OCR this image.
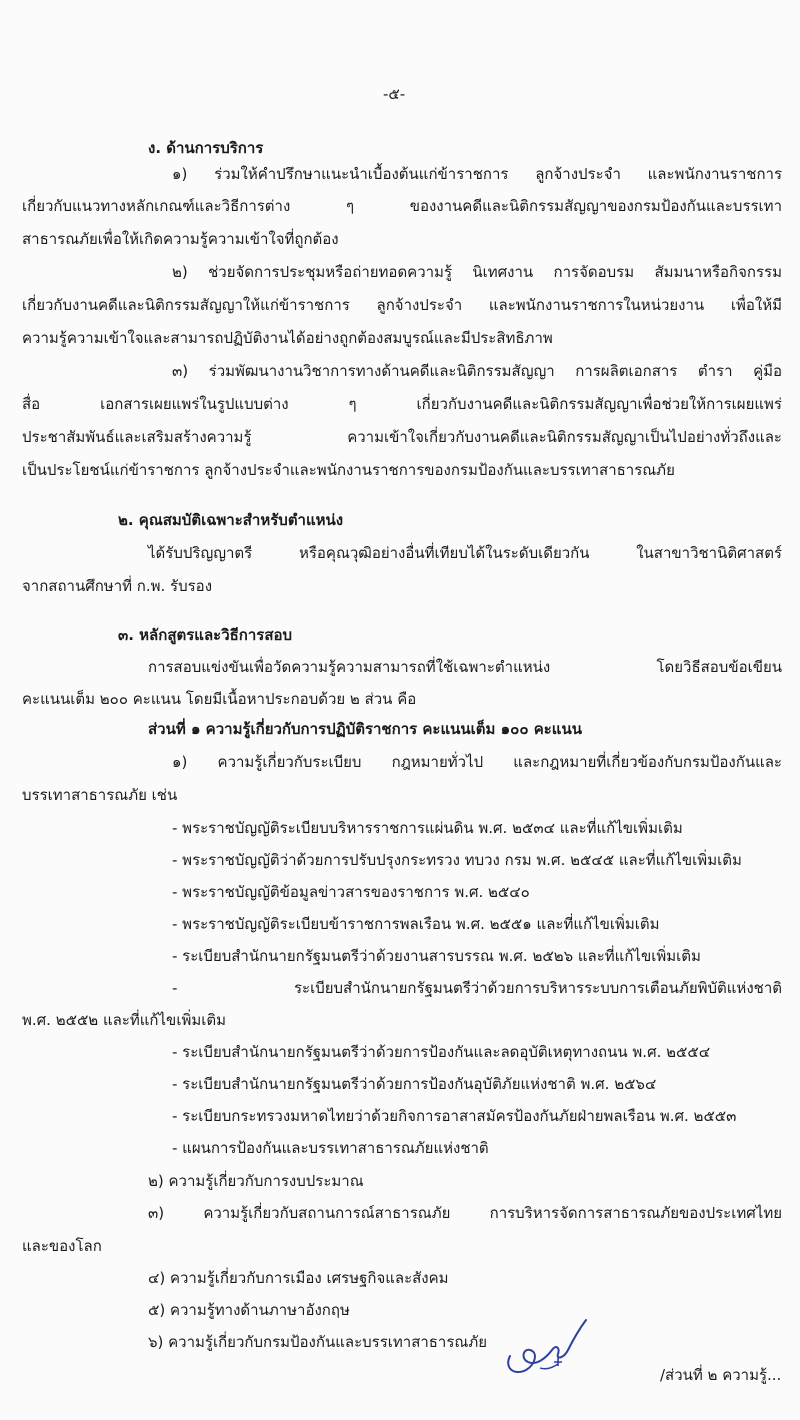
-๕-
ง. ด้านการบริการ
๑) ร่วมให้คำปรึกษาแนะนำเบื้องต้นแก่ข้าราชการ ลูกจ้างประจำ และพนักงานราชการ
เกี่ยวกับแนวทางหลักเกณฑ์และวิธีการต่าง ๆ ของงานคดีและนิติกรรมสัญญาของกรมป้องกันและบรรเทา
สาธารณภัยเพื่อให้เกิดความรู้ความเข้าใจที่ถูกต้อง
๒) ช่วยจัดการประชุมหรือถ่ายทอดความรู้ นิเทศงาน การจัดอบรม สัมมนาหรือกิจกรรม
เกี่ยวกับงานคดีและนิติกรรมสัญญาให้แก่ข้าราชการ ลูกจ้างประจำ และพนักงานราชการในหน่วยงาน เพื่อให้มี
ความรู้ความเข้าใจและสามารถปฏิบัติงานได้อย่างถูกต้องสมบูรณ์และมีประสิทธิภาพ
๓) ร่วมพัฒนางานวิชาการทางด้านคดีและนิติกรรมสัญญา การผลิตเอกสาร ตำรา คู่มือ
สื่อ เอกสารเผยแพร่ในรูปแบบต่าง ๆ เกี่ยวกับงานคดีและนิติกรรมสัญญาเพื่อช่วยให้การเผยแพร่
ประชาสัมพันธ์และเสริมสร้างความรู้ ความเข้าใจเกี่ยวกับงานคดีและนิติกรรมสัญญาเป็นไปอย่างทั่วถึงและ
เป็นประโยชน์แก่ข้าราชการ ลูกจ้างประจำและพนักงานราชการของกรมป้องกันและบรรเทาสาธารณภัย
๒. คุณสมบัติเฉพาะสำหรับตำแหน่ง
ได้รับปริญญาตรี หรือคุณวุฒิอย่างอื่นที่เทียบได้ในระดับเดียวกัน ในสาขาวิชานิติศาสตร์
จากสถานศึกษาที่ ก.พ. รับรอง
๓. หลักสูตรและวิธีการสอบ
การสอบแข่งขันเพื่อวัดความรู้ความสามารถที่ใช้เฉพาะตำแหน่ง โดยวิธีสอบข้อเขียน
คะแนนเต็ม ๒๐๐ คะแนน โดยมีเนื้อหาประกอบด้วย ๒ ส่วน คือ
ส่วนที่ ๑ ความรู้เกี่ยวกับการปฏิบัติราชการ คะแนนเต็ม ๑๐๐ คะแนน
๑) ความรู้เกี่ยวกับระเบียบ กฎหมายทั่วไป และกฎหมายที่เกี่ยวข้องกับกรมป้องกันและ
บรรเทาสาธารณภัย เช่น
- พระราชบัญญัติระเบียบบริหารราชการแผ่นดิน พ.ศ. ๒๕๓๔ และที่แก้ไขเพิ่มเติม
- พระราชบัญญัติว่าด้วยการปรับปรุงกระทรวง ทบวง กรม พ.ศ. ๒๕๔๕ และที่แก้ไขเพิ่มเติม
- พระราชบัญญัติข้อมูลข่าวสารของราชการ พ.ศ. ๒๕๔๐
- พระราชบัญญัติระเบียบข้าราชการพลเรือน พ.ศ. ๒๕๕๑ และที่แก้ไขเพิ่มเติม
- ระเบียบสำนักนายกรัฐมนตรีว่าด้วยงานสารบรรณ พ.ศ. ๒๕๒๖ และที่แก้ไขเพิ่มเติม
- ระเบียบสำนักนายกรัฐมนตรีว่าด้วยการบริหารระบบการเตือนภัยพิบัติแห่งชาติ
พ.ศ. ๒๕๕๒ และที่แก้ไขเพิ่มเติม
- ระเบียบสำนักนายกรัฐมนตรีว่าด้วยการป้องกันและลดอุบัติเหตุทางถนน พ.ศ. ๒๕๕๔
- ระเบียบสำนักนายกรัฐมนตรีว่าด้วยการป้องกันอุบัติภัยแห่งชาติ พ.ศ. ๒๕๖๔
- ระเบียบกระทรวงมหาดไทยว่าด้วยกิจการอาสาสมัครป้องกันภัยฝ่ายพลเรือน พ.ศ. ๒๕๕๓
- แผนการป้องกันและบรรเทาสาธารณภัยแห่งชาติ
๒) ความรู้เกี่ยวกับการงบประมาณ
๓) ความรู้เกี่ยวกับสถานการณ์สาธารณภัย การบริหารจัดการสาธารณภัยของประเทศไทย
และของโลก
๔) ความรู้เกี่ยวกับการเมือง เศรษฐกิจและสังคม
๕) ความรู้ทางด้านภาษาอังกฤษ
๖) ความรู้เกี่ยวกับกรมป้องกันและบรรเทาสาธารณภัย
/ส่วนที่ ๒ ความรู้...
